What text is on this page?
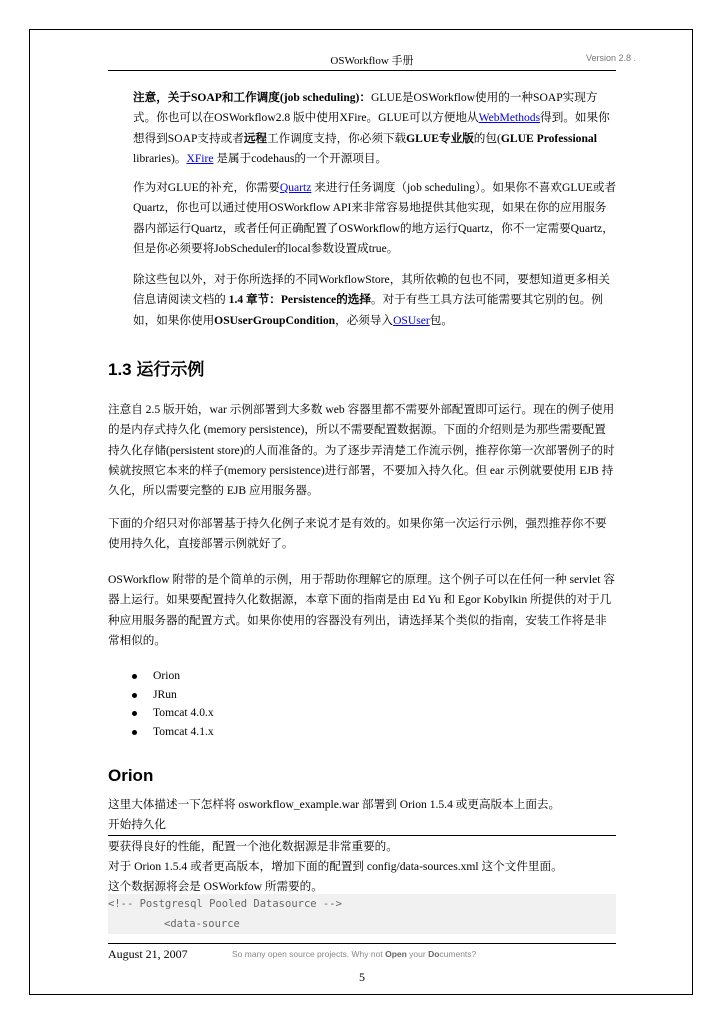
OSWorkflow 手册	Version 2.8 .
注意，关于SOAP和工作调度(job scheduling)：GLUE是OSWorkflow使用的一种SOAP实现方式。你也可以在OSWorkflow2.8 版中使用XFire。GLUE可以方便地从WebMethods得到。如果你想得到SOAP支持或者远程工作调度支持，你必须下载GLUE专业版的包(GLUE Professional libraries)。XFire 是属于codehaus的一个开源项目。
作为对GLUE的补充，你需要Quartz 来进行任务调度（job scheduling）。如果你不喜欢GLUE或者Quartz，你也可以通过使用OSWorkflow API来非常容易地提供其他实现，如果在你的应用服务器内部运行Quartz，或者任何正确配置了OSWorkflow的地方运行Quartz，你不一定需要Quartz，但是你必须要将JobScheduler的local参数设置成true。
除这些包以外，对于你所选择的不同WorkflowStore，其所依赖的包也不同，要想知道更多相关信息请阅读文档的 1.4 章节：Persistence的选择。对于有些工具方法可能需要其它别的包。例如，如果你使用OSUserGroupCondition，必须导入OSUser包。
1.3 运行示例
注意自 2.5 版开始，war 示例部署到大多数 web 容器里都不需要外部配置即可运行。现在的例子使用的是内存式持久化 (memory persistence)，所以不需要配置数据源。下面的介绍则是为那些需要配置持久化存储(persistent store)的人而准备的。为了逐步弄清楚工作流示例，推荐你第一次部署例子的时候就按照它本来的样子(memory persistence)进行部署，不要加入持久化。但 ear 示例就要使用 EJB 持久化，所以需要完整的 EJB 应用服务器。
下面的介绍只对你部署基于持久化例子来说才是有效的。如果你第一次运行示例，强烈推荐你不要使用持久化，直接部署示例就好了。
OSWorkflow 附带的是个简单的示例，用于帮助你理解它的原理。这个例子可以在任何一种 servlet 容器上运行。如果要配置持久化数据源，本章下面的指南是由 Ed Yu 和 Egor Kobylkin 所提供的对于几种应用服务器的配置方式。如果你使用的容器没有列出，请选择某个类似的指南，安装工作将是非常相似的。
Orion
JRun
Tomcat 4.0.x
Tomcat 4.1.x
Orion
这里大体描述一下怎样将 osworkflow_example.war 部署到 Orion 1.5.4 或更高版本上面去。
开始持久化
要获得良好的性能，配置一个池化数据源是非常重要的。
对于 Orion 1.5.4 或者更高版本，增加下面的配置到 config/data-sources.xml 这个文件里面。
这个数据源将会是 OSWorkfow 所需要的。
<!-- Postgresql Pooled Datasource -->
<data-source
August 21, 2007	So many open source projects. Why not Open your Documents?
5
